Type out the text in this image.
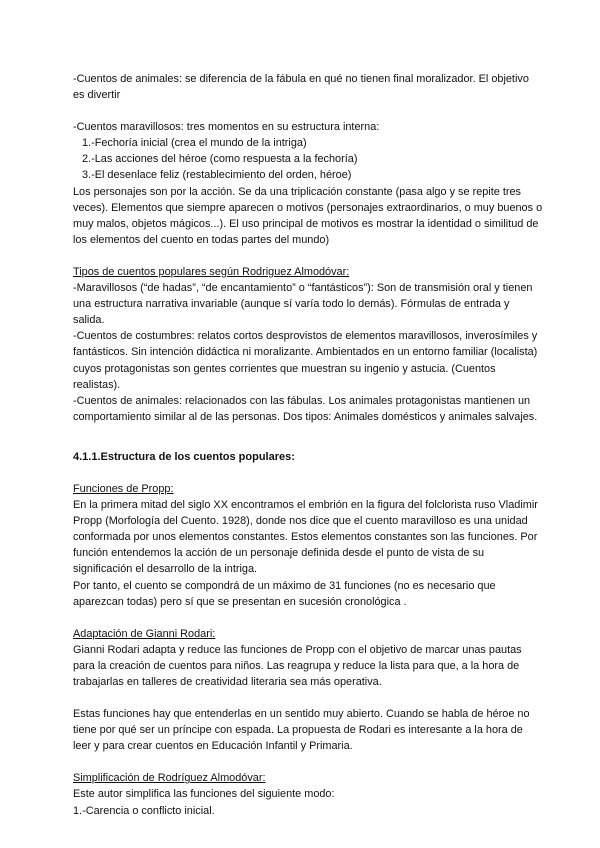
-Cuentos de animales: se diferencia de la fábula en qué no tienen final moralizador. El objetivo es divertir

-Cuentos maravillosos: tres momentos en su estructura interna:

1.-Fechoría inicial (crea el mundo de la intriga)

2.-Las acciones del héroe (como respuesta a la fechoría)

3.-El desenlace feliz (restablecimiento del orden, héroe)

Los personajes son por la acción. Se da una triplicación constante (pasa algo y se repite tres veces). Elementos que siempre aparecen o motivos (personajes extraordinarios, o muy buenos o muy malos, objetos mágicos...). El uso principal de motivos es mostrar la identidad o similitud de los elementos del cuento en todas partes del mundo)

Tipos de cuentos populares según Rodriguez Almodóvar:

-Maravillosos (“de hadas”, “de encantamiento” o “fantásticos”): Son de transmisión oral y tienen una estructura narrativa invariable (aunque sí varía todo lo demás). Fórmulas de entrada y salida.

-Cuentos de costumbres: relatos cortos desprovistos de elementos maravillosos, inverosímiles y fantásticos. Sin intención didáctica ni moralizante. Ambientados en un entorno familiar (localista) cuyos protagonistas son gentes corrientes que muestran su ingenio y astucia. (Cuentos realistas).

-Cuentos de animales: relacionados con las fábulas. Los animales protagonistas mantienen un comportamiento similar al de las personas. Dos tipos: Animales domésticos y animales salvajes.

4.1.1.Estructura de los cuentos populares:

Funciones de Propp:

En la primera mitad del siglo XX encontramos el embrión en la figura del folclorista ruso Vladimir Propp (Morfología del Cuento. 1928), donde nos dice que el cuento maravilloso es una unidad conformada por unos elementos constantes. Estos elementos constantes son las funciones. Por función entendemos la acción de un personaje definida desde el punto de vista de su significación el desarrollo de la intriga.

Por tanto, el cuento se compondrá de un máximo de 31 funciones (no es necesario que aparezcan todas) pero sí que se presentan en sucesión cronológica .

Adaptación de Gianni Rodari:

Gianni Rodari adapta y reduce las funciones de Propp con el objetivo de marcar unas pautas para la creación de cuentos para niños. Las reagrupa y reduce la lista para que, a la hora de trabajarlas en talleres de creatividad literaria sea más operativa.

Estas funciones hay que entenderlas en un sentido muy abierto. Cuando se habla de héroe no tiene por qué ser un príncipe con espada. La propuesta de Rodari es interesante a la hora de leer y para crear cuentos en Educación Infantil y Primaria.

Simplificación de Rodríguez Almodóvar:

Este autor simplifica las funciones del siguiente modo:

1.-Carencia o conflicto inicial.
